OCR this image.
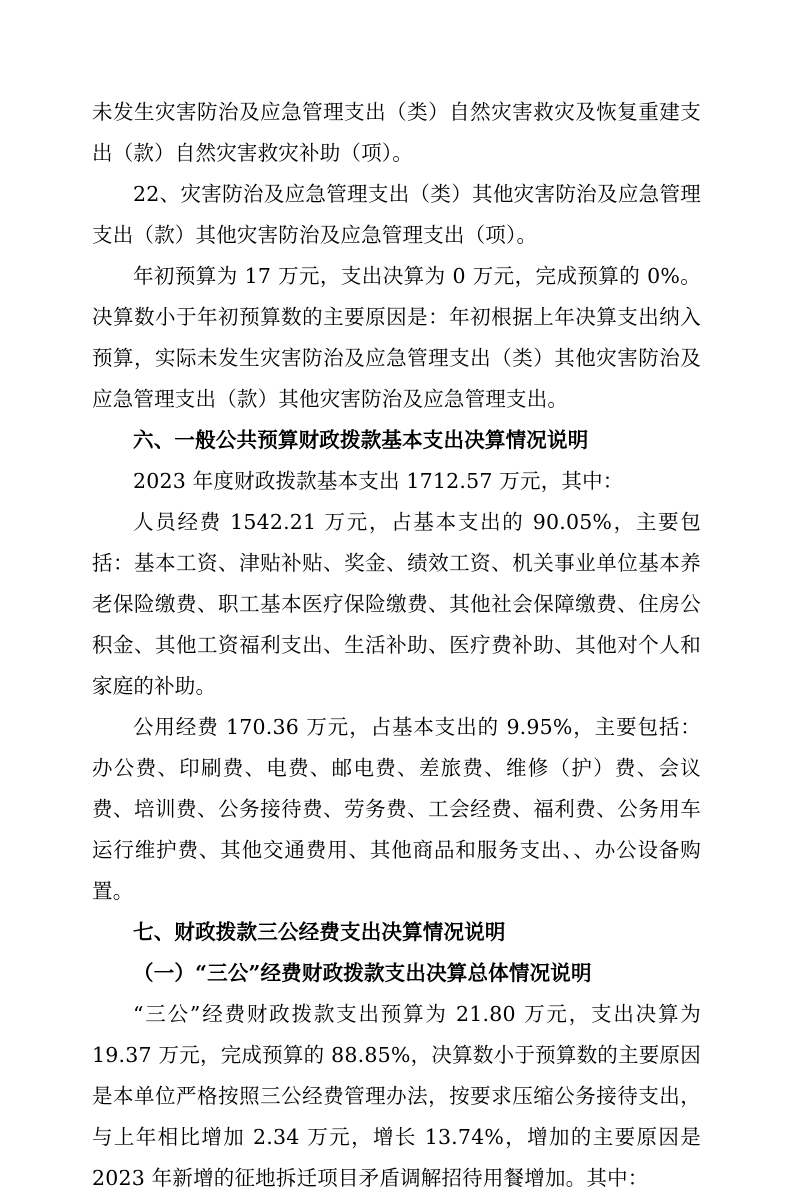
未发生灾害防治及应急管理支出（类）自然灾害救灾及恢复重建支出（款）自然灾害救灾补助（项）。

22、灾害防治及应急管理支出（类）其他灾害防治及应急管理支出（款）其他灾害防治及应急管理支出（项）。

年初预算为 17 万元，支出决算为 0 万元，完成预算的 0%。决算数小于年初预算数的主要原因是：年初根据上年决算支出纳入预算，实际未发生灾害防治及应急管理支出（类）其他灾害防治及应急管理支出（款）其他灾害防治及应急管理支出。

六、一般公共预算财政拨款基本支出决算情况说明

2023 年度财政拨款基本支出 1712.57 万元，其中：

人员经费 1542.21 万元，占基本支出的 90.05%，主要包括：基本工资、津贴补贴、奖金、绩效工资、机关事业单位基本养老保险缴费、职工基本医疗保险缴费、其他社会保障缴费、住房公积金、其他工资福利支出、生活补助、医疗费补助、其他对个人和家庭的补助。

公用经费 170.36 万元，占基本支出的 9.95%，主要包括：办公费、印刷费、电费、邮电费、差旅费、维修（护）费、会议费、培训费、公务接待费、劳务费、工会经费、福利费、公务用车运行维护费、其他交通费用、其他商品和服务支出、、办公设备购置。

七、财政拨款三公经费支出决算情况说明

（一）“三公”经费财政拨款支出决算总体情况说明

“三公”经费财政拨款支出预算为 21.80 万元，支出决算为 19.37 万元，完成预算的 88.85%，决算数小于预算数的主要原因是本单位严格按照三公经费管理办法，按要求压缩公务接待支出，与上年相比增加 2.34 万元，增长 13.74%，增加的主要原因是 2023 年新增的征地拆迁项目矛盾调解招待用餐增加。其中：
